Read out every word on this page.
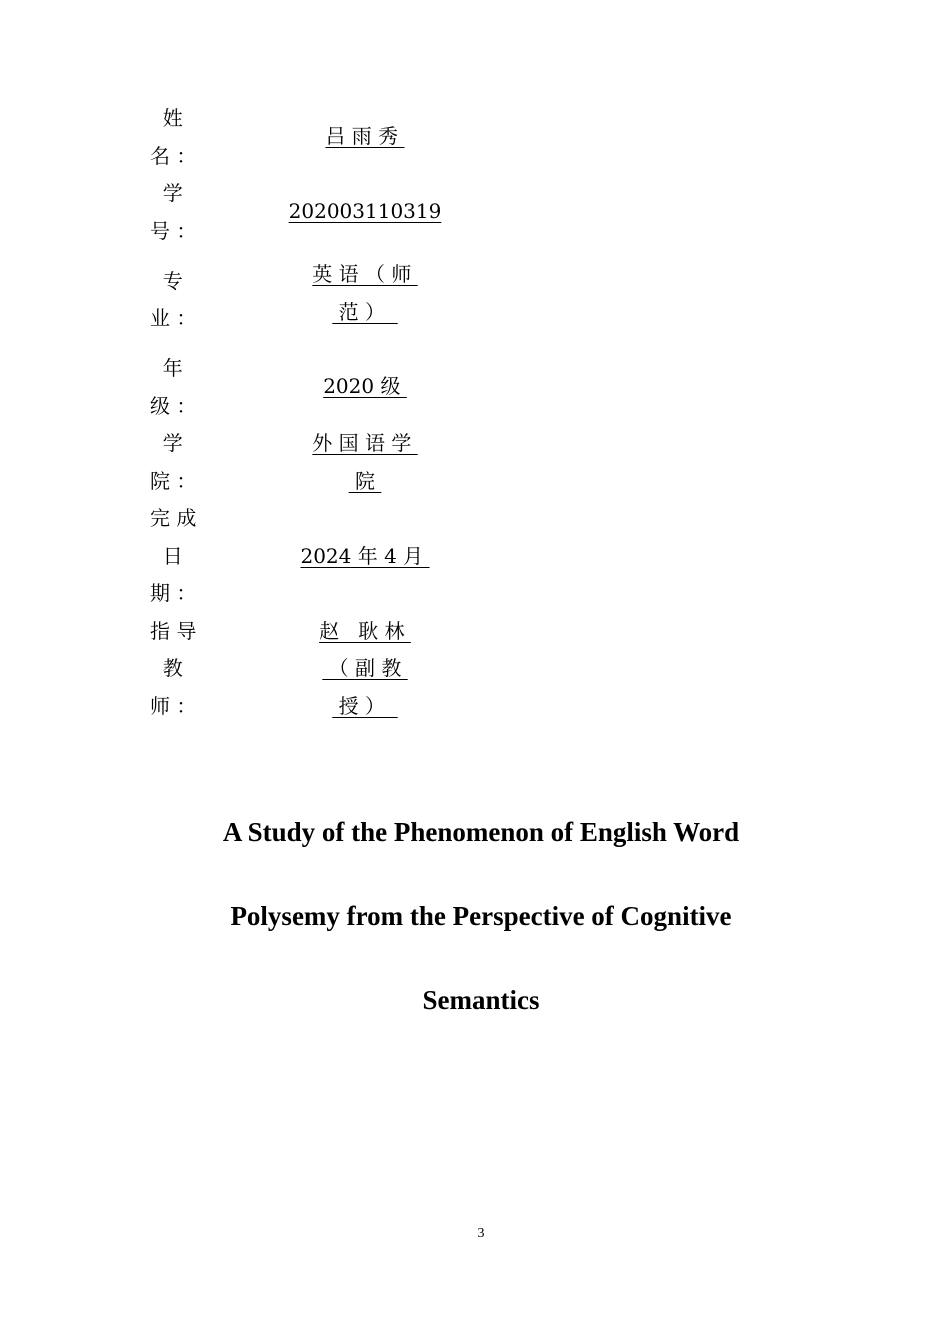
姓
名 ：
吕 雨 秀
学
号 ：
202003110319
专
业 ：
英 语 （ 师
范 ）
年
级 ：
2020 级
学
院 ：
外 国 语 学
院
完 成
日
期 ：
2024 年 4 月
指 导
教
师 ：
赵   耿 林
（ 副 教
授 ）
A Study of the Phenomenon of English Word
Polysemy from the Perspective of Cognitive
Semantics
3
